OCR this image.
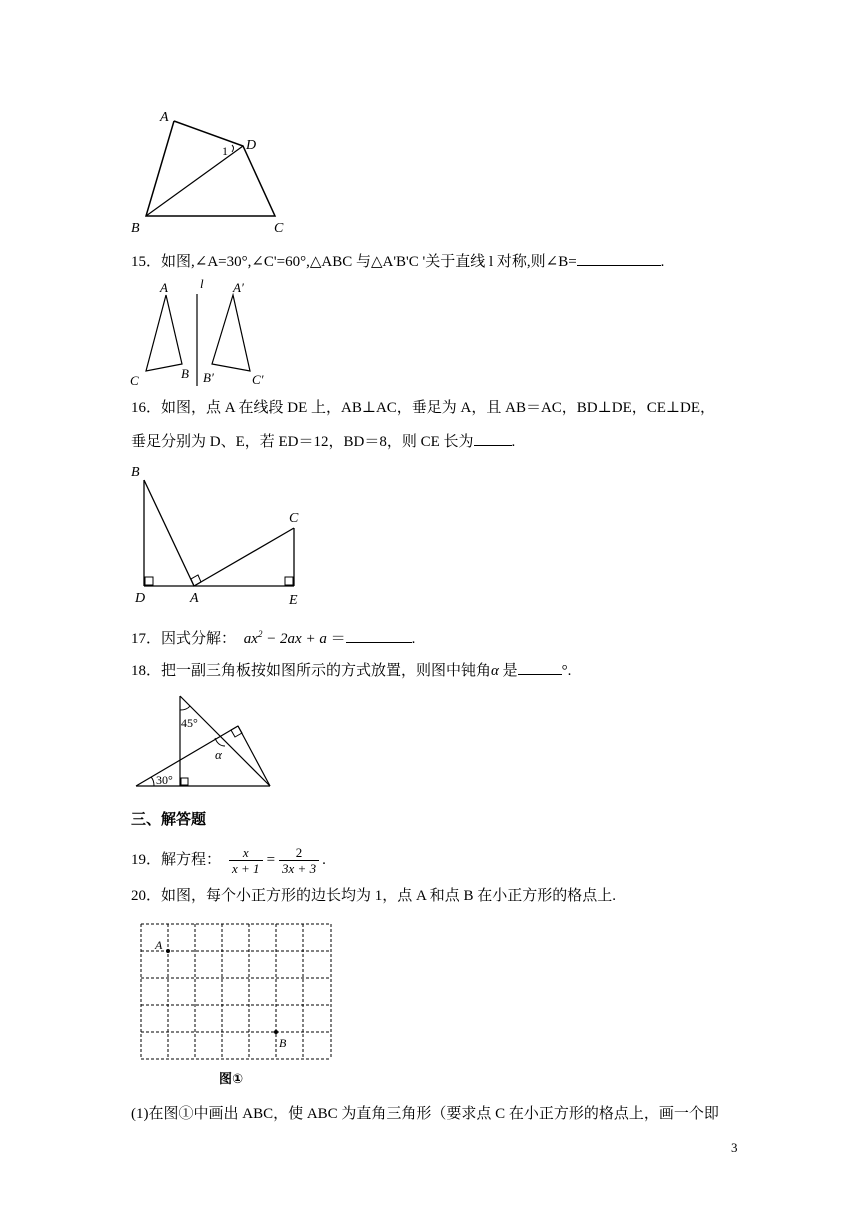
A
D
1
B	C
15．如图,∠A=30°,∠C'=60°,△ABC 与△A'B'C '关于直线 l 对称,则∠B=	.
A l A′
C	B B′	C′
16．如图，点 A 在线段 DE 上，AB⊥AC，垂足为 A，且 AB＝AC，BD⊥DE，CE⊥DE，
垂足分别为 D、E，若 ED＝12，BD＝8，则 CE 长为	.
B
C
D	A	E
17．因式分解： $ax^2 - 2ax + a$ ＝	.
18．把一副三角板按如图所示的方式放置，则图中钝角α 是	°.
45°
30°
α
三、解答题
19．解方程： $\frac{x}{x + 1} = \frac{2}{3x + 3}$ .
20．如图，每个小正方形的边长均为 1，点 A 和点 B 在小正方形的格点上.
A
B
图①
(1)在图①中画出 ABC，使 ABC 为直角三角形（要求点 C 在小正方形的格点上，画一个即
3
